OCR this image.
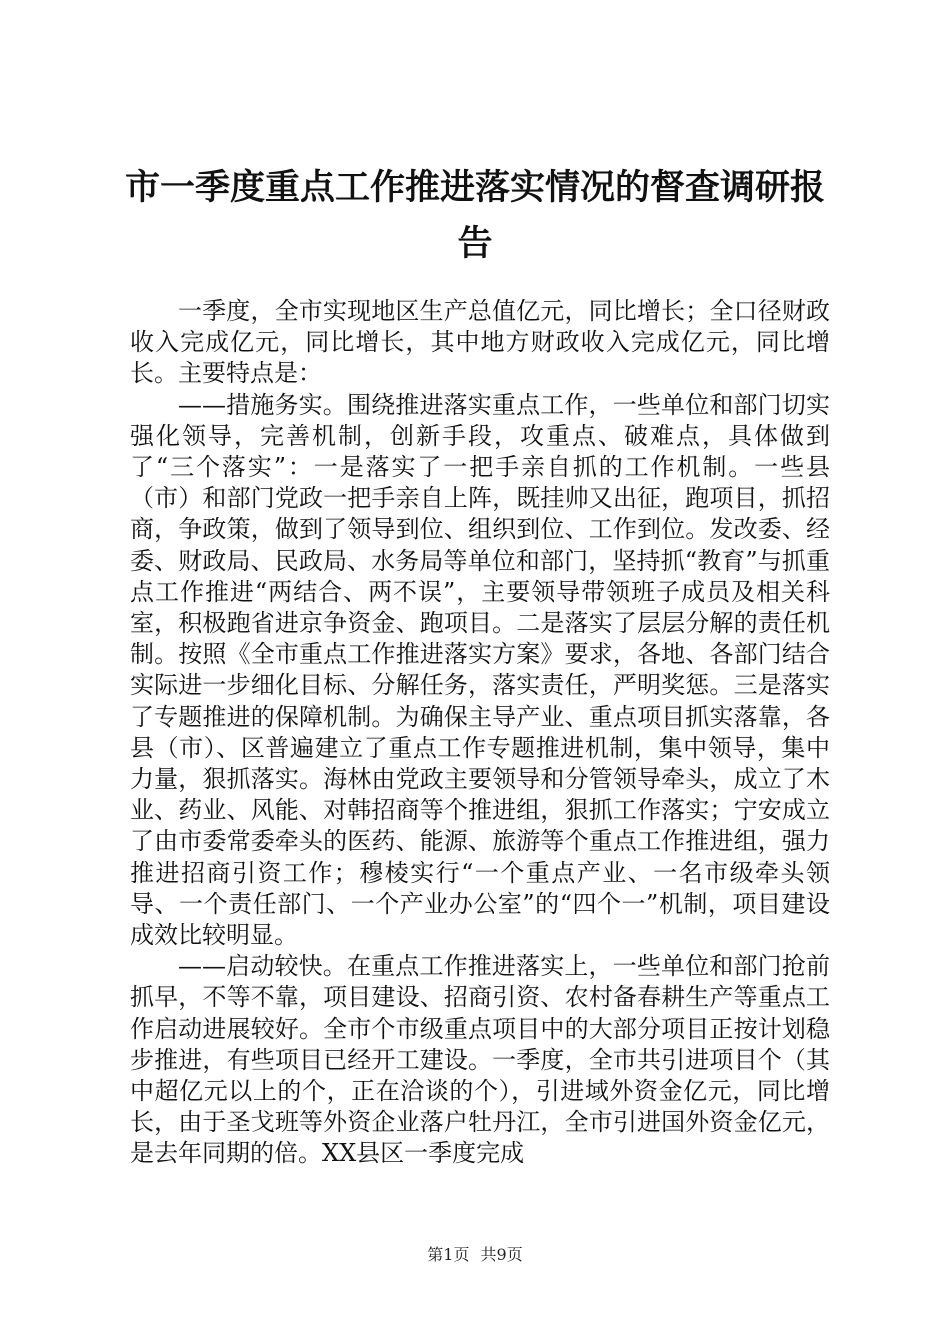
市一季度重点工作推进落实情况的督查调研报
告

一季度，全市实现地区生产总值亿元，同比增长；全口径财政收入完成亿元，同比增长，其中地方财政收入完成亿元，同比增长。主要特点是：

——措施务实。围绕推进落实重点工作，一些单位和部门切实强化领导，完善机制，创新手段，攻重点、破难点，具体做到了“三个落实”：一是落实了一把手亲自抓的工作机制。一些县（市）和部门党政一把手亲自上阵，既挂帅又出征，跑项目，抓招商，争政策，做到了领导到位、组织到位、工作到位。发改委、经委、财政局、民政局、水务局等单位和部门，坚持抓“教育”与抓重点工作推进“两结合、两不误”，主要领导带领班子成员及相关科室，积极跑省进京争资金、跑项目。二是落实了层层分解的责任机制。按照《全市重点工作推进落实方案》要求，各地、各部门结合实际进一步细化目标、分解任务，落实责任，严明奖惩。三是落实了专题推进的保障机制。为确保主导产业、重点项目抓实落靠，各县（市）、区普遍建立了重点工作专题推进机制，集中领导，集中力量，狠抓落实。海林由党政主要领导和分管领导牵头，成立了木业、药业、风能、对韩招商等个推进组，狠抓工作落实；宁安成立了由市委常委牵头的医药、能源、旅游等个重点工作推进组，强力推进招商引资工作；穆棱实行“一个重点产业、一名市级牵头领导、一个责任部门、一个产业办公室”的“四个一”机制，项目建设成效比较明显。

——启动较快。在重点工作推进落实上，一些单位和部门抢前抓早，不等不靠，项目建设、招商引资、农村备春耕生产等重点工作启动进展较好。全市个市级重点项目中的大部分项目正按计划稳步推进，有些项目已经开工建设。一季度，全市共引进项目个（其中超亿元以上的个，正在洽谈的个），引进域外资金亿元，同比增长，由于圣戈班等外资企业落户牡丹江，全市引进国外资金亿元，是去年同期的倍。XX县区一季度完成

第1页 共9页
